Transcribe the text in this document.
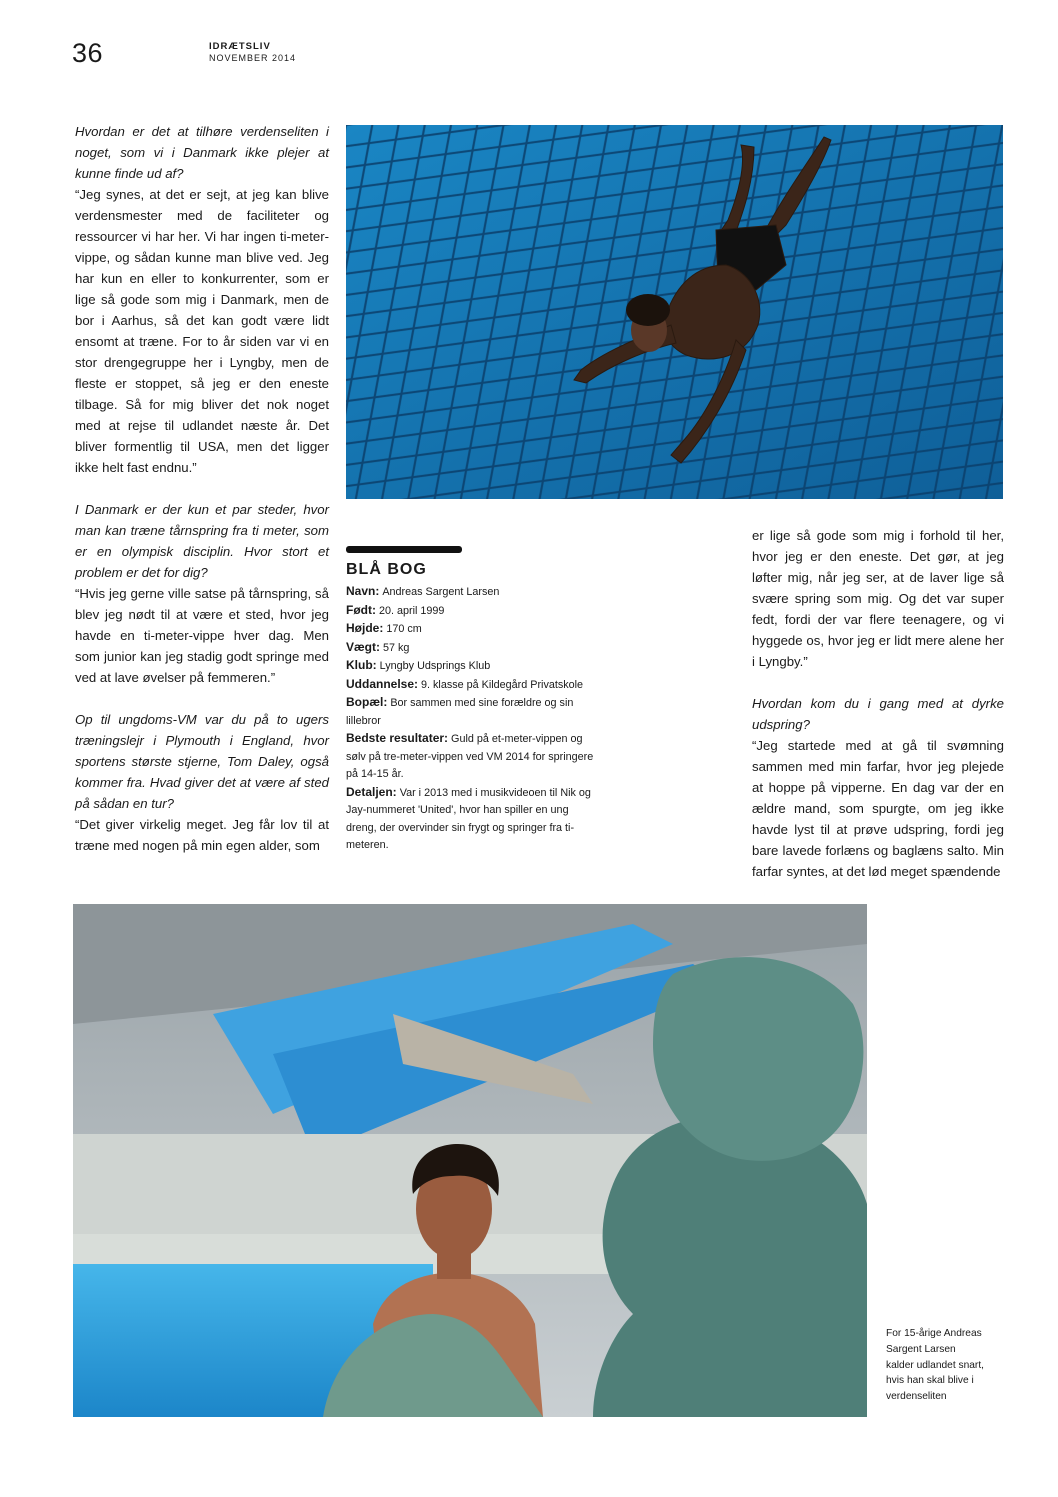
36	IDRÆTSLIV
NOVEMBER 2014
Hvordan er det at tilhøre verdenseliten i noget, som vi i Danmark ikke plejer at kunne finde ud af?

“Jeg synes, at det er sejt, at jeg kan blive verdensmester med de faciliteter og ressourcer vi har her. Vi har ingen ti-meter-vippe, og sådan kunne man blive ved. Jeg har kun en eller to konkurrenter, som er lige så gode som mig i Danmark, men de bor i Aarhus, så det kan godt være lidt ensomt at træne. For to år siden var vi en stor drengegruppe her i Lyngby, men de fleste er stoppet, så jeg er den eneste tilbage. Så for mig bliver det nok noget med at rejse til udlandet næste år. Det bliver formentlig til USA, men det ligger ikke helt fast endnu.”

I Danmark er der kun et par steder, hvor man kan træne tårnspring fra ti meter, som er en olympisk disciplin. Hvor stort et problem er det for dig?

“Hvis jeg gerne ville satse på tårnspring, så blev jeg nødt til at være et sted, hvor jeg havde en ti-meter-vippe hver dag. Men som junior kan jeg stadig godt springe med ved at lave øvelser på femmeren.”

Op til ungdoms-VM var du på to ugers træningslejr i Plymouth i England, hvor sportens største stjerne, Tom Daley, også kommer fra. Hvad giver det at være af sted på sådan en tur?

“Det giver virkelig meget. Jeg får lov til at træne med nogen på min egen alder, som

BLÅ BOG
Navn: Andreas Sargent Larsen
Født: 20. april 1999
Højde: 170 cm
Vægt: 57 kg
Klub: Lyngby Udsprings Klub
Uddannelse: 9. klasse på Kildegård Privatskole
Bopæl: Bor sammen med sine forældre og sin lillebror
Bedste resultater: Guld på et-meter-vippen og sølv på tre-meter-vippen ved VM 2014 for springere på 14-15 år.
Detaljen: Var i 2013 med i musikvideoen til Nik og Jay-nummeret 'United', hvor han spiller en ung dreng, der overvinder sin frygt og springer fra ti-meteren.

er lige så gode som mig i forhold til her, hvor jeg er den eneste. Det gør, at jeg løfter mig, når jeg ser, at de laver lige så svære spring som mig. Og det var super fedt, fordi der var flere teenagere, og vi hyggede os, hvor jeg er lidt mere alene her i Lyngby.”

Hvordan kom du i gang med at dyrke udspring?
“Jeg startede med at gå til svømning sammen med min farfar, hvor jeg plejede at hoppe på vipperne. En dag var der en ældre mand, som spurgte, om jeg ikke havde lyst til at prøve udspring, fordi jeg bare lavede forlæns og baglæns salto. Min farfar syntes, at det lød meget spændende
For 15-årige Andreas Sargent Larsen kalder udlandet snart, hvis han skal blive i verdenseliten
